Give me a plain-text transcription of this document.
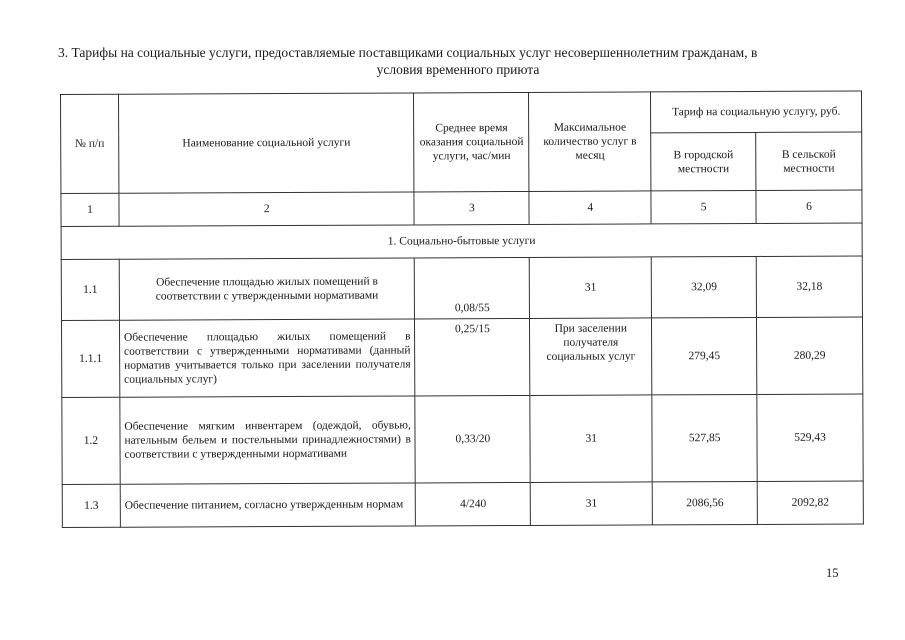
3. Тарифы на социальные услуги, предоставляемые поставщиками социальных услуг несовершеннолетним гражданам, в
условия временного приюта
№ п/п	Наименование социальной услуги	Среднее время оказания социальной услуги, час/мин	Максимальное количество услуг в месяц	Тариф на социальную услугу, руб.	
				В городской местности	В сельской местности
1	2	3	4	5	6
1. Социально-бытовые услуги					
1.1	Обеспечение площадью жилых помещений в соответствии с утвержденными нормативами	0,08/55	31	32,09	32,18
1.1.1	Обеспечение площадью жилых помещений в соответствии с утвержденными нормативами (данный норматив учитывается только при заселении получателя социальных услуг)	0,25/15	При заселении получателя социальных услуг	279,45	280,29
1.2	Обеспечение мягким инвентарем (одеждой, обувью, нательным бельем и постельными принадлежностями) в соответствии с утвержденными нормативами	0,33/20	31	527,85	529,43
1.3	Обеспечение питанием, согласно утвержденным нормам	4/240	31	2086,56	2092,82
15
